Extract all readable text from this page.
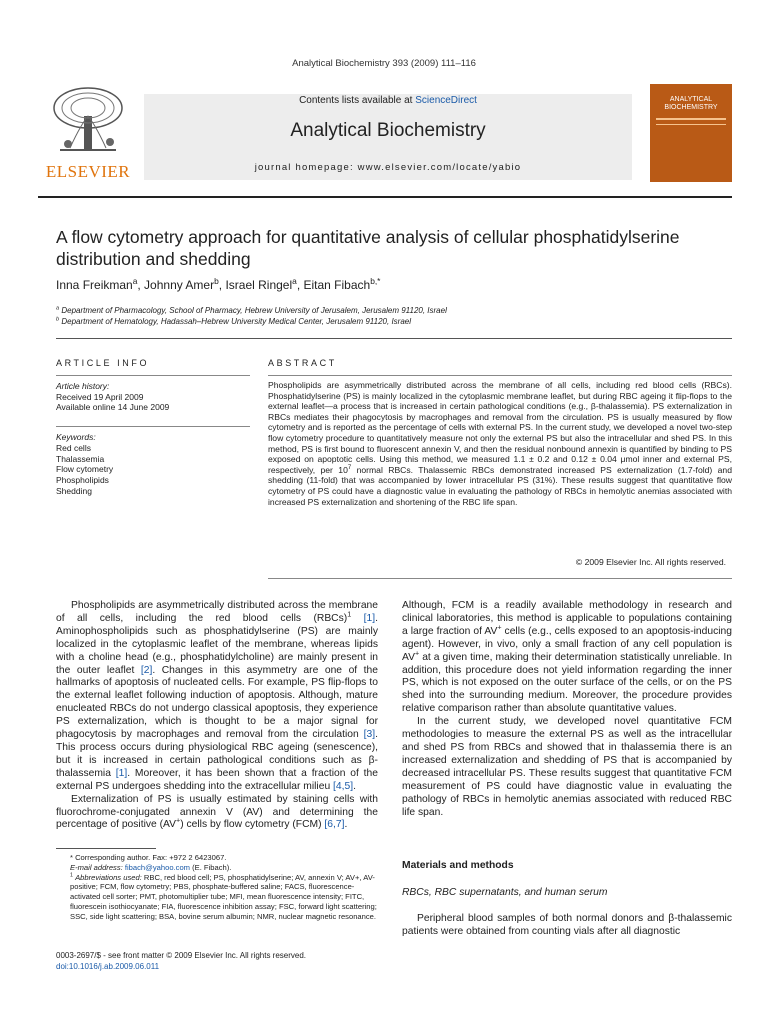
Analytical Biochemistry 393 (2009) 111–116
ELSEVIER
Contents lists available at ScienceDirect
Analytical Biochemistry
journal homepage: www.elsevier.com/locate/yabio
ANALYTICAL
BIOCHEMISTRY
A flow cytometry approach for quantitative analysis of cellular phosphatidylserine
distribution and shedding
Inna Freikman$^a$, Johnny Amer$^b$, Israel Ringel$^a$, Eitan Fibach$^{b,*}$
$^a$ Department of Pharmacology, School of Pharmacy, Hebrew University of Jerusalem, Jerusalem 91120, Israel
$^b$ Department of Hematology, Hadassah–Hebrew University Medical Center, Jerusalem 91120, Israel
ARTICLE INFO	ABSTRACT
Article history:
Received 19 April 2009
Available online 14 June 2009
Keywords:
Red cells
Thalassemia
Flow cytometry
Phospholipids
Shedding
Phospholipids are asymmetrically distributed across the membrane of all cells, including red blood cells (RBCs). Phosphatidylserine (PS) is mainly localized in the cytoplasmic membrane leaflet, but during RBC ageing it flip-flops to the external leaflet—a process that is increased in certain pathological conditions (e.g., β-thalassemia). PS externalization in RBCs mediates their phagocytosis by macrophages and removal from the circulation. PS is usually measured by flow cytometry and is reported as the percentage of cells with external PS. In the current study, we developed a novel two-step flow cytometry procedure to quantitatively measure not only the external PS but also the intracellular and shed PS. In this method, PS is first bound to fluorescent annexin V, and then the residual nonbound annexin is quantified by binding to PS exposed on apoptotic cells. Using this method, we measured 1.1 ± 0.2 and 0.12 ± 0.04 μmol inner and external PS, respectively, per $10^7$ normal RBCs. Thalassemic RBCs demonstrated increased PS externalization (1.7-fold) and shedding (11-fold) that was accompanied by lower intracellular PS (31%). These results suggest that quantitative flow cytometry of PS could have a diagnostic value in evaluating the pathology of RBCs in hemolytic anemias associated with increased PS externalization and shortening of the RBC life span.
© 2009 Elsevier Inc. All rights reserved.

Phospholipids are asymmetrically distributed across the membrane of all cells, including the red blood cells (RBCs)$^1$ [1]. Aminophospholipids such as phosphatidylserine (PS) are mainly localized in the cytoplasmic leaflet of the membrane, whereas lipids with a choline head (e.g., phosphatidylcholine) are mainly present in the outer leaflet [2]. Changes in this asymmetry are one of the hallmarks of apoptosis of nucleated cells. For example, PS flip-flops to the external leaflet following induction of apoptosis. Although, mature enucleated RBCs do not undergo classical apoptosis, they experience PS externalization, which is thought to be a major signal for phagocytosis by macrophages and removal from the circulation [3]. This process occurs during physiological RBC ageing (senescence), but it is increased in certain pathological conditions such as β-thalassemia [1]. Moreover, it has been shown that a fraction of the external PS undergoes shedding into the extracellular milieu [4,5].

Externalization of PS is usually estimated by staining cells with fluorochrome-conjugated annexin V (AV) and determining the percentage of positive (AV+) cells by flow cytometry (FCM) [6,7].

* Corresponding author. Fax: +972 2 6423067.

E-mail address: fibach@yahoo.com (E. Fibach).

$^1$ Abbreviations used: RBC, red blood cell; PS, phosphatidylserine; AV, annexin V; AV+, AV-positive; FCM, flow cytometry; PBS, phosphate-buffered saline; FACS, fluorescence-activated cell sorter; PMT, photomultiplier tube; MFI, mean fluorescence intensity; FITC, fluorescein isothiocyanate; FIA, fluorescence inhibition assay; FSC, forward light scattering; SSC, side light scattering; BSA, bovine serum albumin; NMR, nuclear magnetic resonance.

0003-2697/$ - see front matter © 2009 Elsevier Inc. All rights reserved.
doi:10.1016/j.ab.2009.06.011

Although, FCM is a readily available methodology in research and clinical laboratories, this method is applicable to populations containing a large fraction of AV+ cells (e.g., cells exposed to an apoptosis-inducing agent). However, in vivo, only a small fraction of any cell population is AV+ at a given time, making their determination statistically unreliable. In addition, this procedure does not yield information regarding the inner PS, which is not exposed on the outer surface of the cells, or on the PS shed into the surrounding medium. Moreover, the procedure provides relative comparison rather than absolute quantitative values.

In the current study, we developed novel quantitative FCM methodologies to measure the external PS as well as the intracellular and shed PS from RBCs and showed that in thalassemia there is an increased externalization and shedding of PS that is accompanied by decreased intracellular PS. These results suggest that quantitative FCM measurement of PS could have diagnostic value in evaluating the pathology of RBCs in hemolytic anemias associated with reduced RBC life span.

Materials and methods
RBCs, RBC supernatants, and human serum

Peripheral blood samples of both normal donors and β-thalassemic patients were obtained from counting vials after all diagnostic
